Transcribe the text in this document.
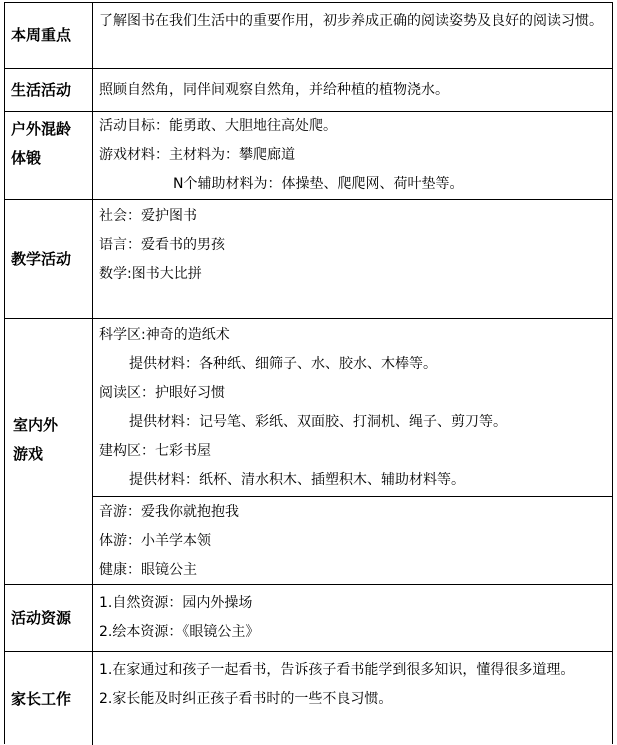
本周重点
了解图书在我们生活中的重要作用，初步养成正确的阅读姿势及良好的阅读习惯。
生活活动	照顾自然角，同伴间观察自然角，并给种植的植物浇水。
户外混龄
体锻
活动目标：能勇敢、大胆地往高处爬。
游戏材料：主材料为：攀爬廊道
N个辅助材料为：体操垫、爬爬网、荷叶垫等。
教学活动
社会：爱护图书
语言：爱看书的男孩
数学:图书大比拼
室内外
游戏
科学区:神奇的造纸术
提供材料：各种纸、细筛子、水、胶水、木棒等。
阅读区：护眼好习惯
提供材料：记号笔、彩纸、双面胶、打洞机、绳子、剪刀等。
建构区：七彩书屋
提供材料：纸杯、清水积木、插塑积木、辅助材料等。
音游：爱我你就抱抱我
体游：小羊学本领
健康：眼镜公主
活动资源
1.自然资源：园内外操场
2.绘本资源：《眼镜公主》
家长工作
1.在家通过和孩子一起看书，告诉孩子看书能学到很多知识，懂得很多道理。
2.家长能及时纠正孩子看书时的一些不良习惯。
